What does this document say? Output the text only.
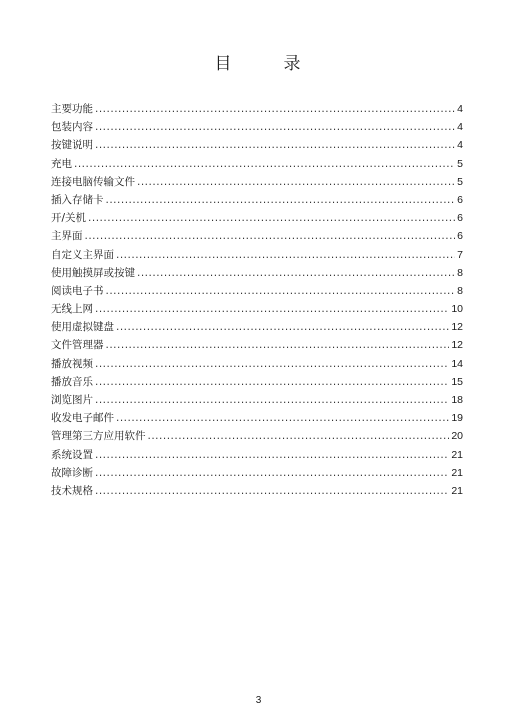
目	录
主要功能 .....	4
包装内容 .....	4
按键说明 .....	4
充电 .....	5
连接电脑传输文件 .....	5
插入存储卡 .....	6
开/关机 .....	6
主界面 .....	6
自定义主界面 .....	7
使用触摸屏或按键 .....	8
阅读电子书 .....	8
无线上网 .....	10
使用虚拟键盘 .....	12
文件管理器 .....	12
播放视频 .....	14
播放音乐 .....	15
浏览图片 .....	18
收发电子邮件 .....	19
管理第三方应用软件 .....	20
系统设置 .....	21
故障诊断 .....	21
技术规格 .....	21
3
